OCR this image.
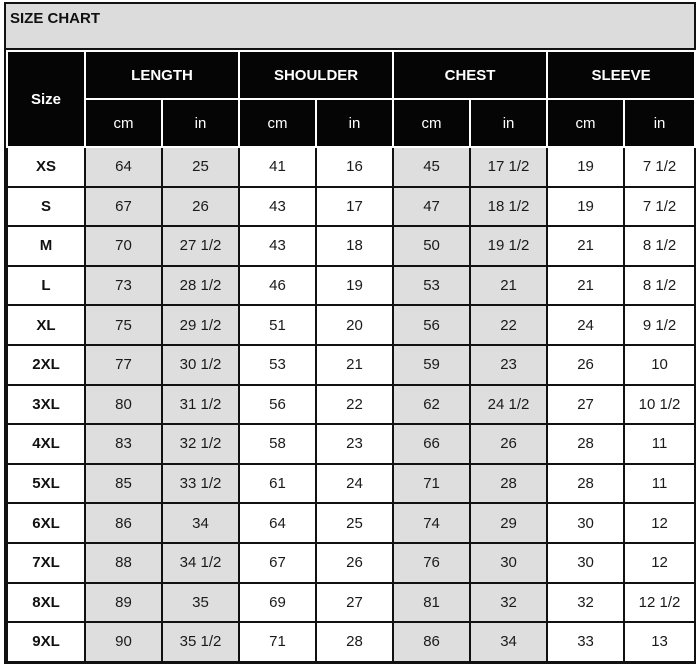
SIZE CHART
Size	LENGTH		SHOULDER		CHEST		SLEEVE	
	cm	in	cm	in	cm	in	cm	in
XS	64	25	41	16	45	17 1/2	19	7 1/2
S	67	26	43	17	47	18 1/2	19	7 1/2
M	70	27 1/2	43	18	50	19 1/2	21	8 1/2
L	73	28 1/2	46	19	53	21	21	8 1/2
XL	75	29 1/2	51	20	56	22	24	9 1/2
2XL	77	30 1/2	53	21	59	23	26	10
3XL	80	31 1/2	56	22	62	24 1/2	27	10 1/2
4XL	83	32 1/2	58	23	66	26	28	11
5XL	85	33 1/2	61	24	71	28	28	11
6XL	86	34	64	25	74	29	30	12
7XL	88	34 1/2	67	26	76	30	30	12
8XL	89	35	69	27	81	32	32	12 1/2
9XL	90	35 1/2	71	28	86	34	33	13
